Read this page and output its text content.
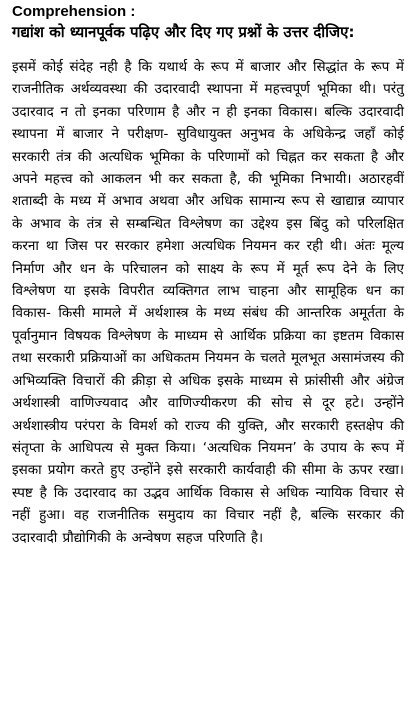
Comprehension :
गद्यांश को ध्यानपूर्वक पढ़िए और दिए गए प्रश्नों के उत्तर दीजिए:

इसमें कोई संदेह नही है कि यथार्थ के रूप में बाजार और सिद्धांत के रूप में राजनीतिक अर्थव्यवस्था की उदारवादी स्थापना में महत्त्वपूर्ण भूमिका थी। परंतु उदारवाद न तो इनका परिणाम है और न ही इनका विकास। बल्कि उदारवादी स्थापना में बाजार ने परीक्षण- सुविधायुक्त अनुभव के अधिकेन्द्र जहाँ कोई सरकारी तंत्र की अत्यधिक भूमिका के परिणामों को चिह्नत कर सकता है और अपने महत्त्व को आकलन भी कर सकता है, की भूमिका निभायी। अठारहवीं शताब्दी के मध्य में अभाव अथवा और अधिक सामान्य रूप से खाद्यान्न व्यापार के अभाव के तंत्र से सम्बन्धित विश्लेषण का उद्देश्य इस बिंदु को परिलक्षित करना था जिस पर सरकार हमेशा अत्यधिक नियमन कर रही थी। अंतः मूल्य निर्माण और धन के परिचालन को साक्ष्य के रूप में मूर्त रूप देने के लिए विश्लेषण या इसके विपरीत व्यक्तिगत लाभ चाहना और सामूहिक धन का विकास- किसी मामले में अर्थशास्त्र के मध्य संबंध की आन्तरिक अमूर्तता के पूर्वानुमान विषयक विश्लेषण के माध्यम से आर्थिक प्रक्रिया का इष्टतम विकास तथा सरकारी प्रक्रियाओं का अधिकतम नियमन के चलते मूलभूत असामंजस्य की अभिव्यक्ति विचारों की क्रीड़ा से अधिक इसके माध्यम से फ्रांसीसी और अंग्रेज अर्थशास्त्री वाणिज्यवाद और वाणिज्यीकरण की सोच से दूर हटे। उन्होंने अर्थशास्त्रीय परंपरा के विमर्श को राज्य की युक्ति, और सरकारी हस्तक्षेप की संतृप्ता के आधिपत्य से मुक्त किया। ‘अत्यधिक नियमन’ के उपाय के रूप में इसका प्रयोग करते हुए उन्होंने इसे सरकारी कार्यवाही की सीमा के ऊपर रखा। स्पष्ट है कि उदारवाद का उद्भव आर्थिक विकास से अधिक न्यायिक विचार से नहीं हुआ। वह राजनीतिक समुदाय का विचार नहीं है, बल्कि सरकार की उदारवादी प्रौद्योगिकी के अन्वेषण सहज परिणति है।
